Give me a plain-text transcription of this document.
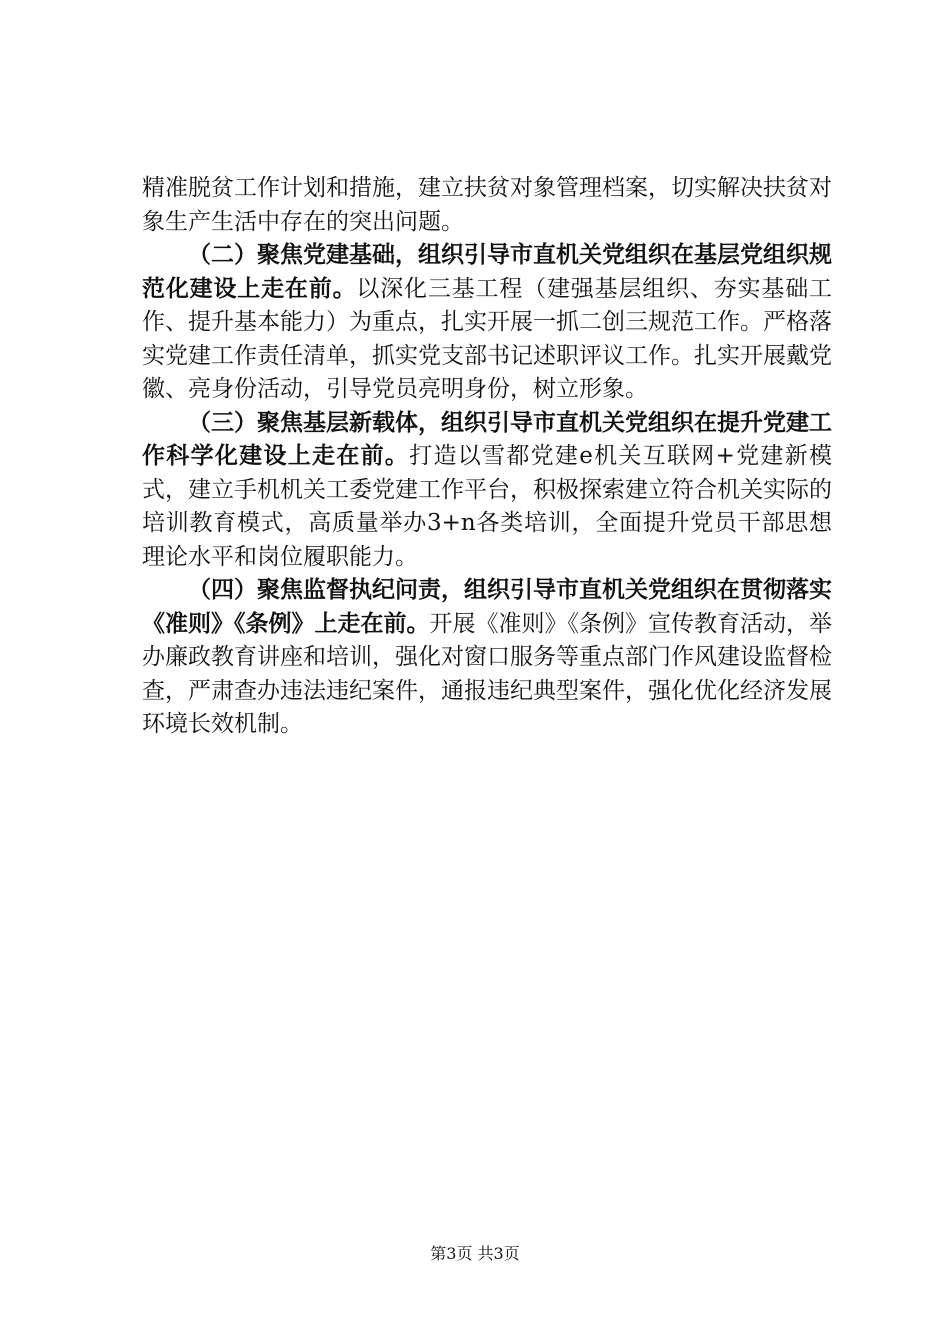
精准脱贫工作计划和措施，建立扶贫对象管理档案，切实解决扶贫对象生产生活中存在的突出问题。

（二）聚焦党建基础，组织引导市直机关党组织在基层党组织规范化建设上走在前。以深化三基工程（建强基层组织、夯实基础工作、提升基本能力）为重点，扎实开展一抓二创三规范工作。严格落实党建工作责任清单，抓实党支部书记述职评议工作。扎实开展戴党徽、亮身份活动，引导党员亮明身份，树立形象。

（三）聚焦基层新载体，组织引导市直机关党组织在提升党建工作科学化建设上走在前。打造以雪都党建e机关互联网+党建新模式，建立手机机关工委党建工作平台，积极探索建立符合机关实际的培训教育模式，高质量举办3+n各类培训，全面提升党员干部思想理论水平和岗位履职能力。

（四）聚焦监督执纪问责，组织引导市直机关党组织在贯彻落实《准则》《条例》上走在前。开展《准则》《条例》宣传教育活动，举办廉政教育讲座和培训，强化对窗口服务等重点部门作风建设监督检查，严肃查办违法违纪案件，通报违纪典型案件，强化优化经济发展环境长效机制。

第3页 共3页
